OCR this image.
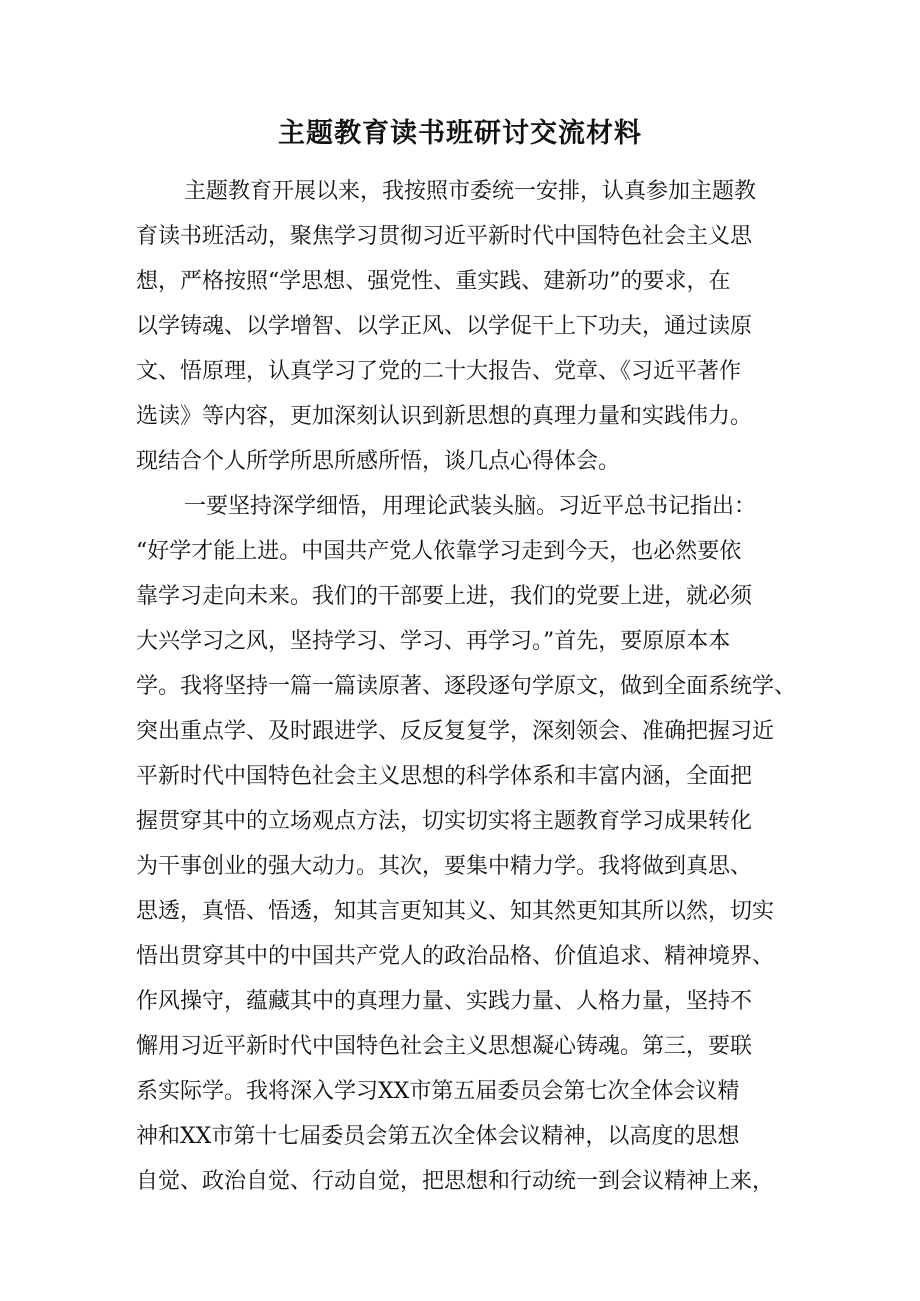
主题教育读书班研讨交流材料
主题教育开展以来，我按照市委统一安排，认真参加主题教
育读书班活动，聚焦学习贯彻习近平新时代中国特色社会主义思
想，严格按照“学思想、强党性、重实践、建新功”的要求，在
以学铸魂、以学增智、以学正风、以学促干上下功夫，通过读原
文、悟原理，认真学习了党的二十大报告、党章、《习近平著作
选读》等内容，更加深刻认识到新思想的真理力量和实践伟力。
现结合个人所学所思所感所悟，谈几点心得体会。
一要坚持深学细悟，用理论武装头脑。习近平总书记指出：
“好学才能上进。中国共产党人依靠学习走到今天，也必然要依
靠学习走向未来。我们的干部要上进，我们的党要上进，就必须
大兴学习之风，坚持学习、学习、再学习。”首先，要原原本本
学。我将坚持一篇一篇读原著、逐段逐句学原文，做到全面系统学、
突出重点学、及时跟进学、反反复复学，深刻领会、准确把握习近
平新时代中国特色社会主义思想的科学体系和丰富内涵，全面把
握贯穿其中的立场观点方法，切实切实将主题教育学习成果转化
为干事创业的强大动力。其次，要集中精力学。我将做到真思、
思透，真悟、悟透，知其言更知其义、知其然更知其所以然，切实
悟出贯穿其中的中国共产党人的政治品格、价值追求、精神境界、
作风操守，蕴藏其中的真理力量、实践力量、人格力量，坚持不
懈用习近平新时代中国特色社会主义思想凝心铸魂。第三，要联
系实际学。我将深入学习XX市第五届委员会第七次全体会议精
神和XX市第十七届委员会第五次全体会议精神，以高度的思想
自觉、政治自觉、行动自觉，把思想和行动统一到会议精神上来，
